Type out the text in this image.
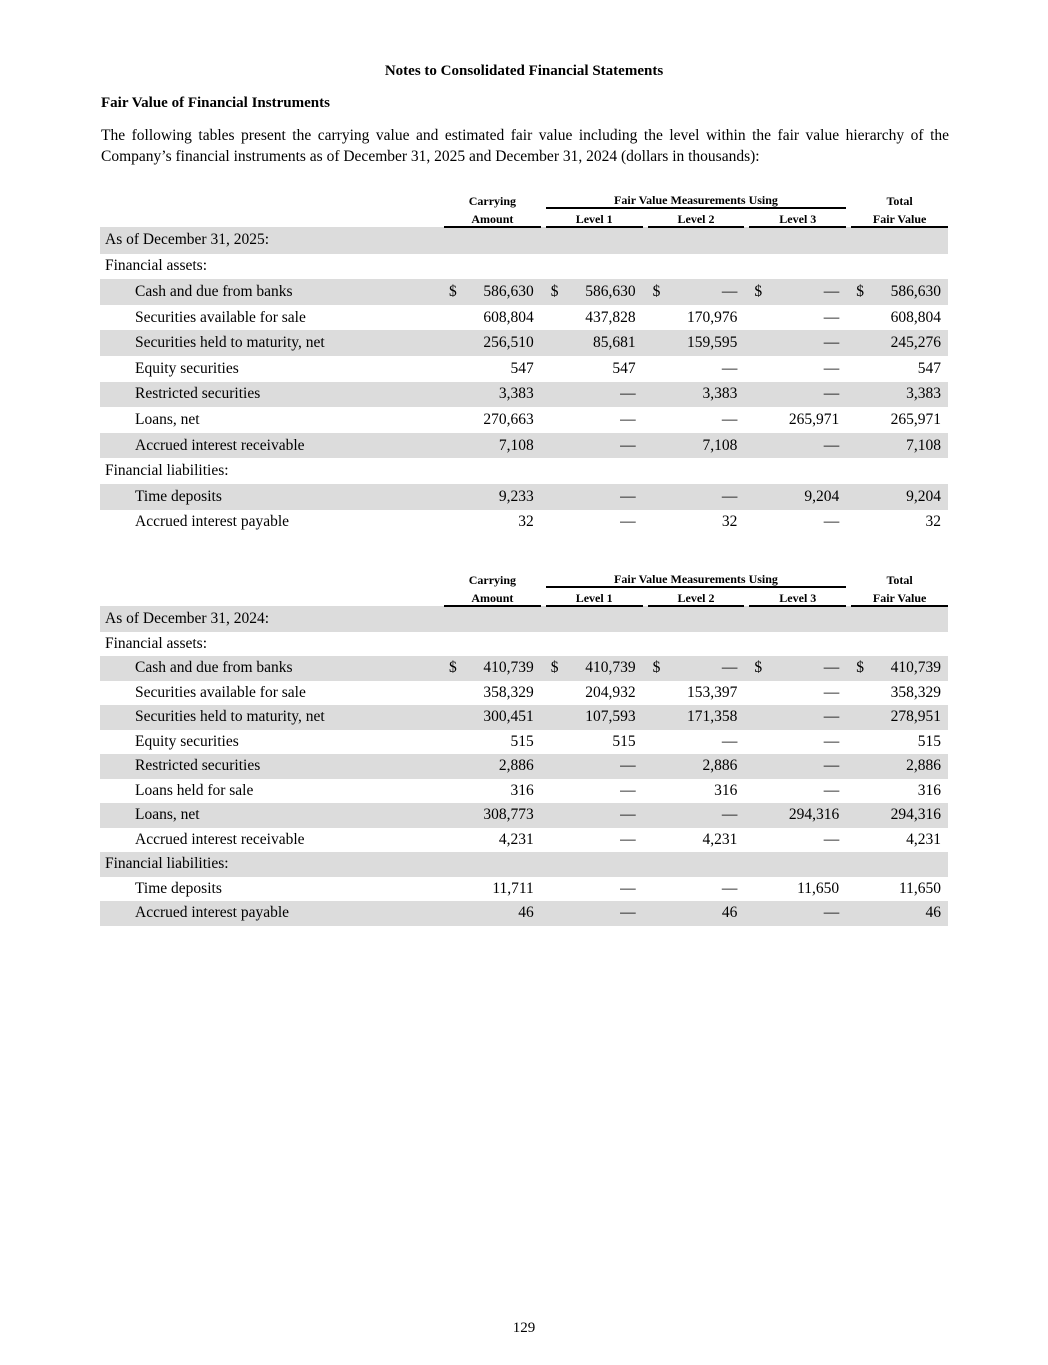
Notes to Consolidated Financial Statements
Fair Value of Financial Instruments
The following tables present the carrying value and estimated fair value including the level within the fair value hierarchy of the Company’s financial instruments as of December 31, 2025 and December 31, 2024 (dollars in thousands):
	Carrying			Fair Value Measurements Using									Total	
	Amount			Level 1			Level 2			Level 3			Fair Value	
As of December 31, 2025:														
Financial assets:														
Cash and due from banks	$	586,630		$	586,630		$	—		$	—		$	586,630
Securities available for sale		608,804			437,828			170,976			—			608,804
Securities held to maturity, net		256,510			85,681			159,595			—			245,276
Equity securities		547			547			—			—			547
Restricted securities		3,383			—			3,383			—			3,383
Loans, net		270,663			—			—			265,971			265,971
Accrued interest receivable		7,108			—			7,108			—			7,108
Financial liabilities:														
Time deposits		9,233			—			—			9,204			9,204
Accrued interest payable		32			—			32			—			32
	Carrying			Fair Value Measurements Using									Total	
	Amount			Level 1			Level 2			Level 3			Fair Value	
As of December 31, 2024:														
Financial assets:														
Cash and due from banks	$	410,739		$	410,739		$	—		$	—		$	410,739
Securities available for sale		358,329			204,932			153,397			—			358,329
Securities held to maturity, net		300,451			107,593			171,358			—			278,951
Equity securities		515			515			—			—			515
Restricted securities		2,886			—			2,886			—			2,886
Loans held for sale		316			—			316			—			316
Loans, net		308,773			—			—			294,316			294,316
Accrued interest receivable		4,231			—			4,231			—			4,231
Financial liabilities:														
Time deposits		11,711			—			—			11,650			11,650
Accrued interest payable		46			—			46			—			46
129
